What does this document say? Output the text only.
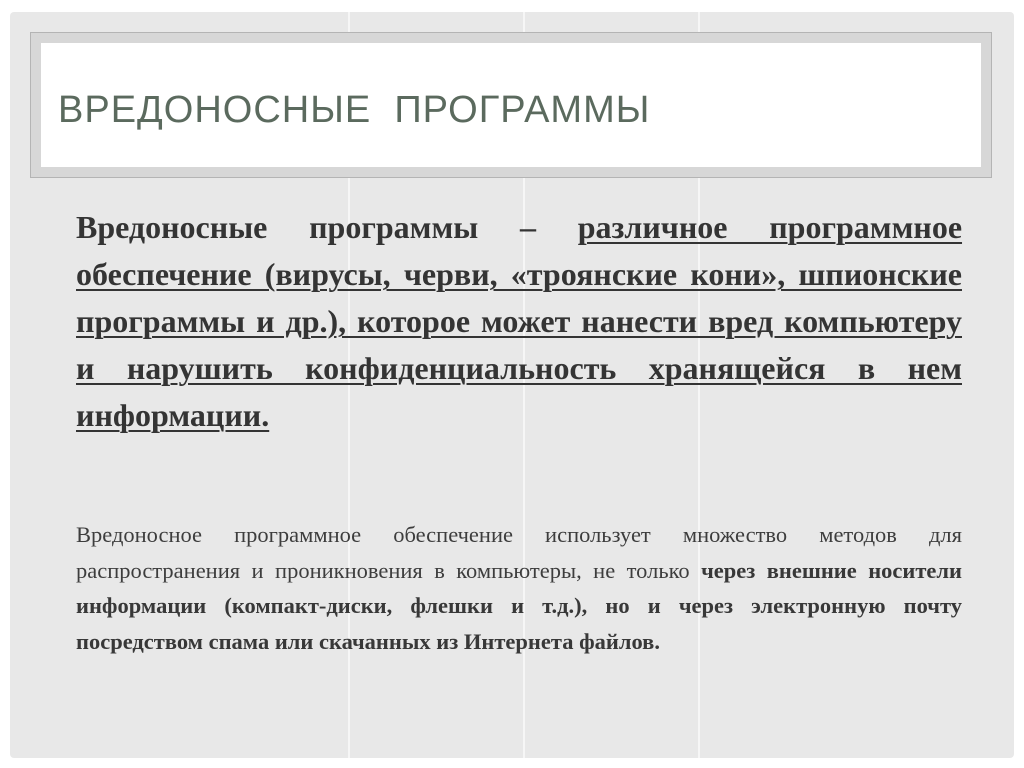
ВРЕДОНОСНЫЕ  ПРОГРАММЫ

Вредоносные программы – различное программное обеспечение (вирусы, черви, «троянские кони», шпионские программы и др.), которое может нанести вред компьютеру и нарушить конфиденциальность хранящейся в нем информации.

Вредоносное программное обеспечение использует множество методов для распространения и проникновения в компьютеры, не только через внешние носители информации (компакт-диски, флешки и т.д.), но и через электронную почту посредством спама или скачанных из Интернета файлов.
